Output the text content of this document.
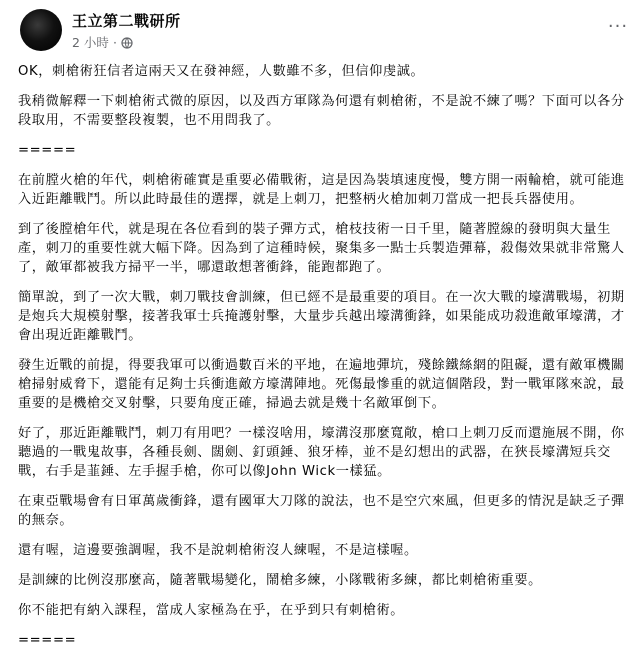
王立第二戰研所
2 小時 ·
···

OK，刺槍術狂信者這兩天又在發神經，人數雖不多，但信仰虔誠。

我稍微解釋一下刺槍術式微的原因，以及西方軍隊為何還有刺槍術，不是說不練了嗎？下面可以各分段取用，不需要整段複製，也不用問我了。

=====

在前膛火槍的年代，刺槍術確實是重要必備戰術，這是因為裝填速度慢，雙方開一兩輪槍，就可能進入近距離戰鬥。所以此時最佳的選擇，就是上刺刀，把整柄火槍加刺刀當成一把長兵器使用。

到了後膛槍年代，就是現在各位看到的裝子彈方式，槍枝技術一日千里，隨著膛線的發明與大量生產，刺刀的重要性就大幅下降。因為到了這種時候，聚集多一點士兵製造彈幕，殺傷效果就非常驚人了，敵軍都被我方掃平一半，哪還敢想著衝鋒，能跑都跑了。

簡單說，到了一次大戰，刺刀戰技會訓練，但已經不是最重要的項目。在一次大戰的壕溝戰場，初期是炮兵大規模射擊，接著我軍士兵掩護射擊，大量步兵越出壕溝衝鋒，如果能成功殺進敵軍壕溝，才會出現近距離戰鬥。

發生近戰的前提，得要我軍可以衝過數百米的平地，在遍地彈坑，殘餘鐵絲網的阻礙，還有敵軍機關槍掃射威脅下，還能有足夠士兵衝進敵方壕溝陣地。死傷最慘重的就這個階段，對一戰軍隊來說，最重要的是機槍交叉射擊，只要角度正確，掃過去就是幾十名敵軍倒下。

好了，那近距離戰鬥，刺刀有用吧？一樣沒啥用，壕溝沒那麼寬敞，槍口上刺刀反而還施展不開，你聽過的一戰鬼故事，各種長劍、闊劍、釘頭錘、狼牙棒，並不是幻想出的武器，在狹長壕溝短兵交戰，右手是韮錘、左手握手槍，你可以像John Wick一樣猛。

在東亞戰場會有日軍萬歲衝鋒，還有國軍大刀隊的說法，也不是空穴來風，但更多的情況是缺乏子彈的無奈。

還有喔，這邊要強調喔，我不是說刺槍術沒人練喔，不是這樣喔。

是訓練的比例沒那麼高，隨著戰場變化，鬧槍多練，小隊戰術多練，都比刺槍術重要。

你不能把有納入課程，當成人家極為在乎，在乎到只有刺槍術。

=====
